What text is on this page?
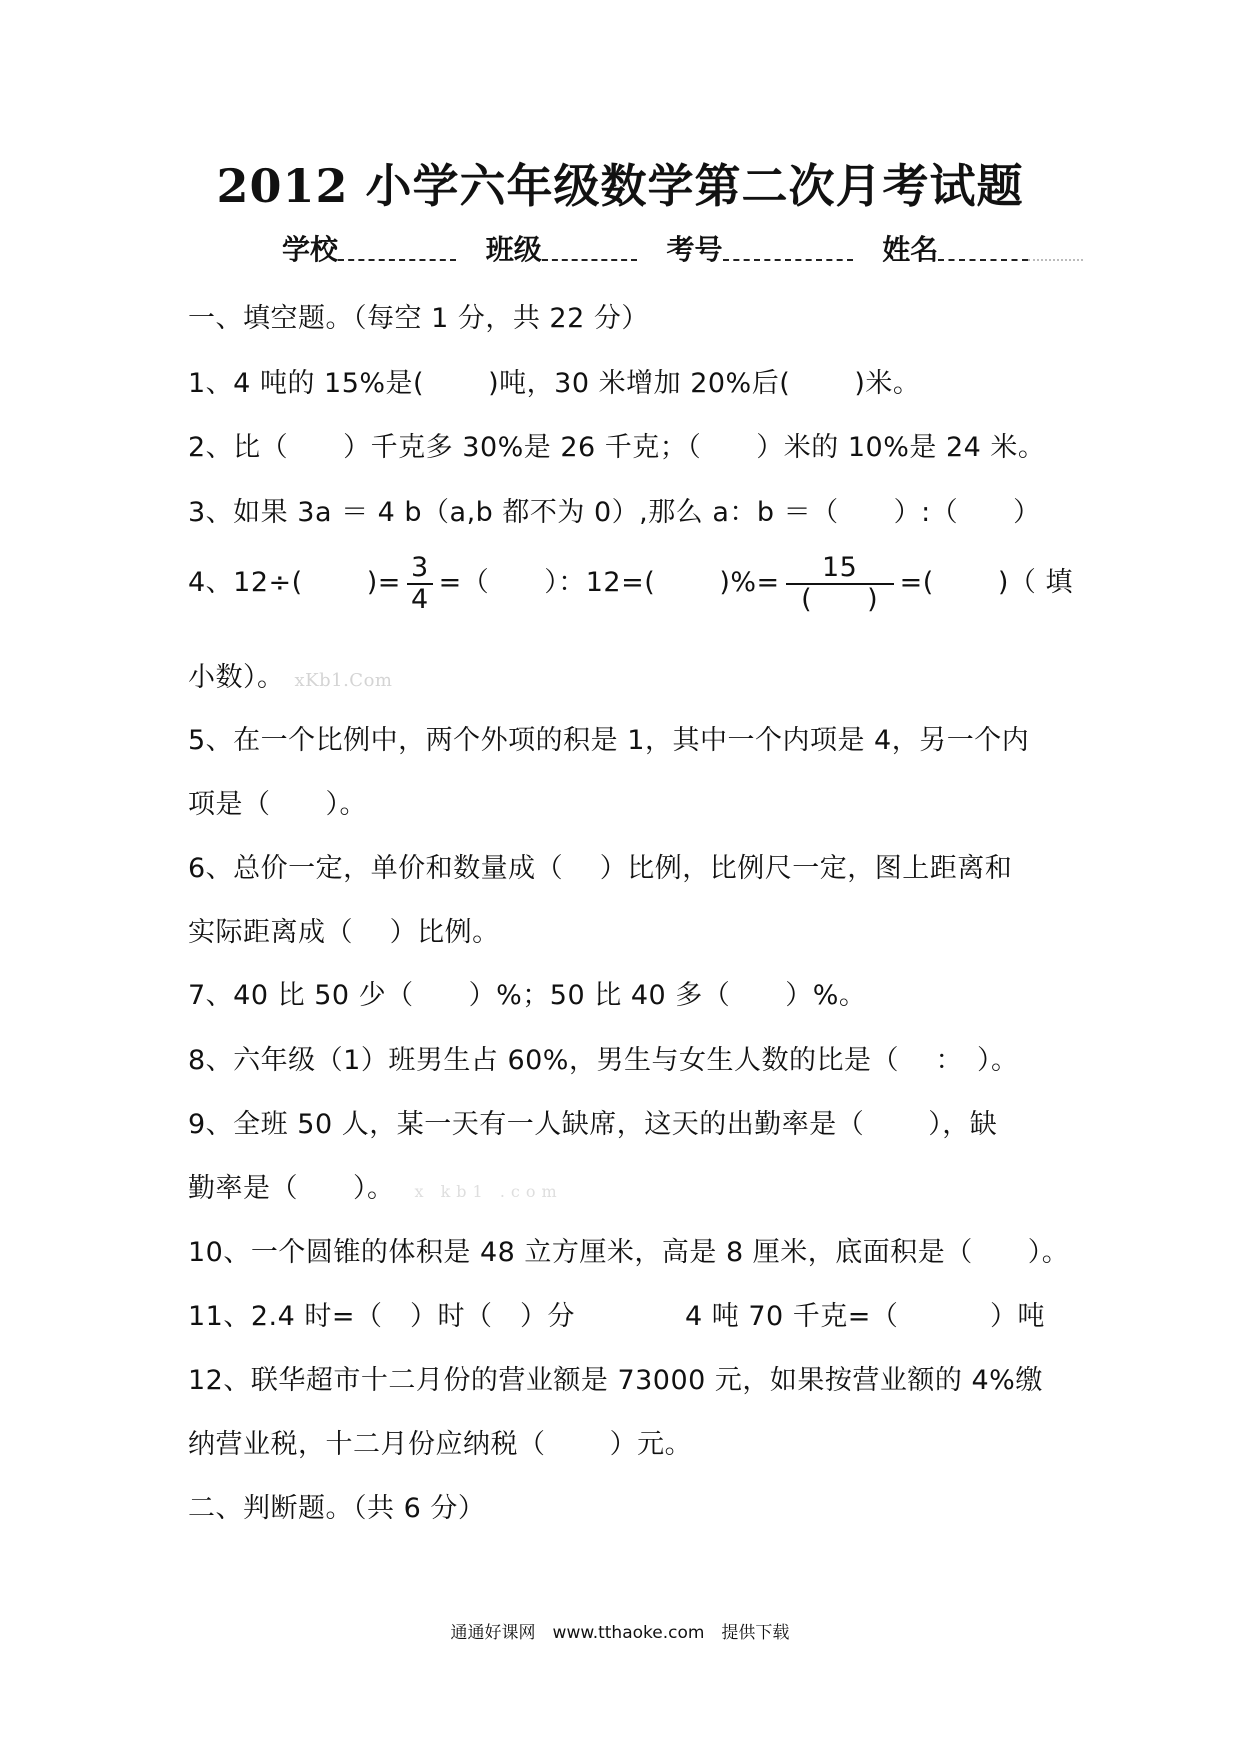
2012 小学六年级数学第二次月考试题
学校	班级	考号	姓名
一、填空题。（每空 1 分，共 22 分）
1、4 吨的 15%是(　　 )吨，30 米增加 20%后(　　 )米。
2、比（　　）千克多 30%是 26 千克；（　　）米的 10%是 24 米。
3、如果 3a ＝ 4 b（a,b 都不为 0）,那么 a：b ＝（　　）:（　　）
4、12÷(　　 )= $\frac{3}{4}$ =（　　）：12=(　　 )%= $\frac{15}{( )}$ =(　　 )（ 填
小数）。 xKb1.Com
5、在一个比例中，两个外项的积是 1，其中一个内项是 4，另一个内
项是（　　）。
6、总价一定，单价和数量成（　 ）比例，比例尺一定，图上距离和
实际距离成（　 ）比例。
7、40 比 50 少（　　）%；50 比 40 多（　　）%。
8、六年级（1）班男生占 60%，男生与女生人数的比是（　 ：　）。
9、全班 50 人，某一天有一人缺席，这天的出勤率是（　　 ），缺
勤率是（　　）。 x kb1 .com
10、一个圆锥的体积是 48 立方厘米，高是 8 厘米，底面积是（　　）。
11、2.4 时=（　）时（　）分　　　　4 吨 70 千克=（　　　 ）吨
12、联华超市十二月份的营业额是 73000 元，如果按营业额的 4%缴
纳营业税，十二月份应纳税（　　 ）元。
二、判断题。（共 6 分）
通通好课网　www.tthaoke.com　提供下载
